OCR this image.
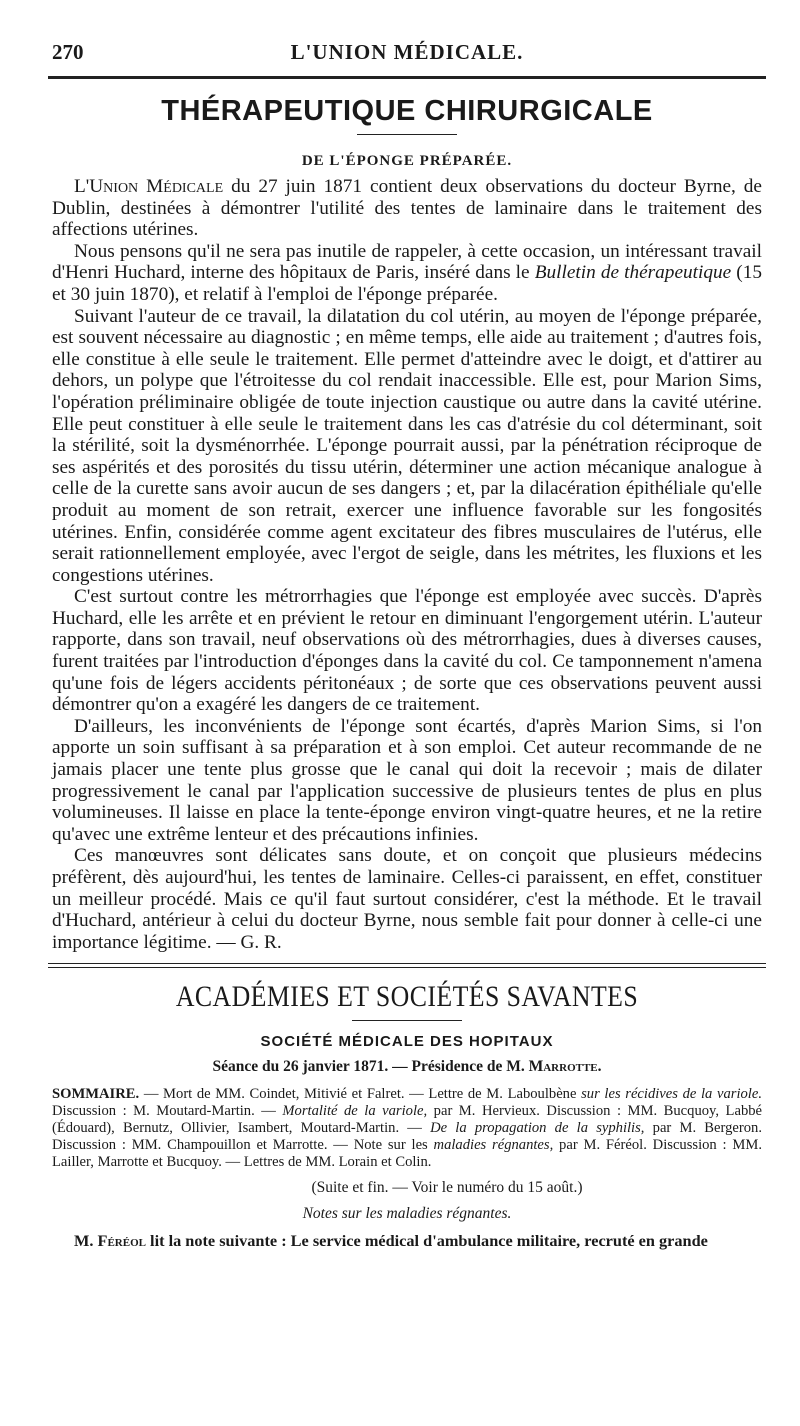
270	L'UNION MÉDICALE.
THÉRAPEUTIQUE CHIRURGICALE
DE L'ÉPONGE PRÉPARÉE.

L'Union Médicale du 27 juin 1871 contient deux observations du docteur Byrne, de Dublin, destinées à démontrer l'utilité des tentes de laminaire dans le traitement des affections utérines.

Nous pensons qu'il ne sera pas inutile de rappeler, à cette occasion, un intéressant travail d'Henri Huchard, interne des hôpitaux de Paris, inséré dans le Bulletin de thérapeutique (15 et 30 juin 1870), et relatif à l'emploi de l'éponge préparée.

Suivant l'auteur de ce travail, la dilatation du col utérin, au moyen de l'éponge préparée, est souvent nécessaire au diagnostic ; en même temps, elle aide au traitement ; d'autres fois, elle constitue à elle seule le traitement. Elle permet d'atteindre avec le doigt, et d'attirer au dehors, un polype que l'étroitesse du col rendait inaccessible. Elle est, pour Marion Sims, l'opération préliminaire obligée de toute injection caustique ou autre dans la cavité utérine. Elle peut constituer à elle seule le traitement dans les cas d'atrésie du col déterminant, soit la stérilité, soit la dysménorrhée. L'éponge pourrait aussi, par la pénétration réciproque de ses aspérités et des porosités du tissu utérin, déterminer une action mécanique analogue à celle de la curette sans avoir aucun de ses dangers ; et, par la dilacération épithéliale qu'elle produit au moment de son retrait, exercer une influence favorable sur les fongosités utérines. Enfin, considérée comme agent excitateur des fibres musculaires de l'utérus, elle serait rationnellement employée, avec l'ergot de seigle, dans les métrites, les fluxions et les congestions utérines.

C'est surtout contre les métrorrhagies que l'éponge est employée avec succès. D'après Huchard, elle les arrête et en prévient le retour en diminuant l'engorgement utérin. L'auteur rapporte, dans son travail, neuf observations où des métrorrhagies, dues à diverses causes, furent traitées par l'introduction d'éponges dans la cavité du col. Ce tamponnement n'amena qu'une fois de légers accidents péritonéaux ; de sorte que ces observations peuvent aussi démontrer qu'on a exagéré les dangers de ce traitement.

D'ailleurs, les inconvénients de l'éponge sont écartés, d'après Marion Sims, si l'on apporte un soin suffisant à sa préparation et à son emploi. Cet auteur recommande de ne jamais placer une tente plus grosse que le canal qui doit la recevoir ; mais de dilater progressivement le canal par l'application successive de plusieurs tentes de plus en plus volumineuses. Il laisse en place la tente-éponge environ vingt-quatre heures, et ne la retire qu'avec une extrême lenteur et des précautions infinies.

Ces manœuvres sont délicates sans doute, et on conçoit que plusieurs médecins préfèrent, dès aujourd'hui, les tentes de laminaire. Celles-ci paraissent, en effet, constituer un meilleur procédé. Mais ce qu'il faut surtout considérer, c'est la méthode. Et le travail d'Huchard, antérieur à celui du docteur Byrne, nous semble fait pour donner à celle-ci une importance légitime. — G. R.

ACADÉMIES ET SOCIÉTÉS SAVANTES
SOCIÉTÉ MÉDICALE DES HOPITAUX
Séance du 26 janvier 1871. — Présidence de M. Marrotte.
SOMMAIRE. — Mort de MM. Coindet, Mitivié et Falret. — Lettre de M. Laboulbène sur les récidives de la variole. Discussion : M. Moutard-Martin. — Mortalité de la variole, par M. Hervieux. Discussion : MM. Bucquoy, Labbé (Édouard), Bernutz, Ollivier, Isambert, Moutard-Martin. — De la propagation de la syphilis, par M. Bergeron. Discussion : MM. Champouillon et Marrotte. — Note sur les maladies régnantes, par M. Féréol. Discussion : MM. Lailler, Marrotte et Bucquoy. — Lettres de MM. Lorain et Colin.
(Suite et fin. — Voir le numéro du 15 août.)
Notes sur les maladies régnantes.
M. Féréol lit la note suivante : Le service médical d'ambulance militaire, recruté en grande
